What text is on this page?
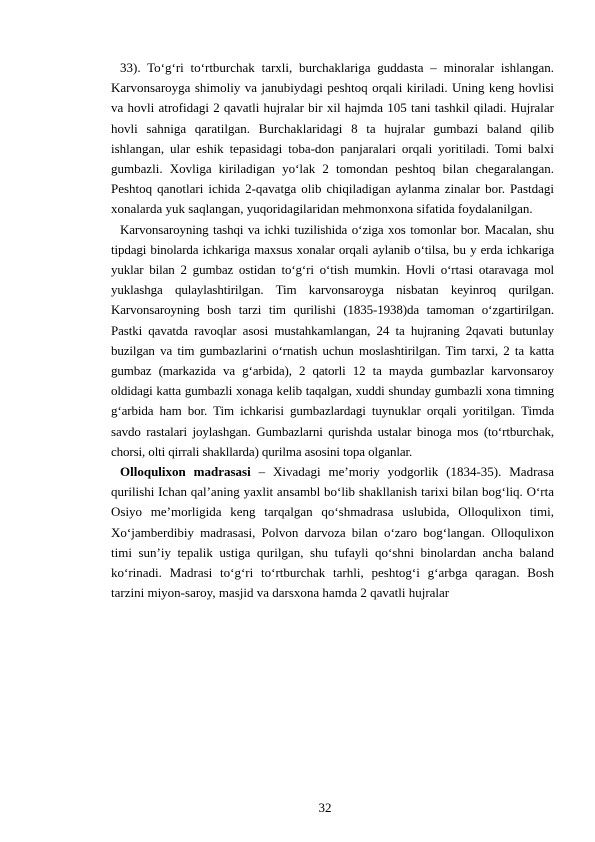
33). To‘g‘ri to‘rtburchak tarxli, burchaklariga guddasta – minoralar ishlangan. Karvonsaroyga shimoliy va janubiydagi peshtoq orqali kiriladi. Uning keng hovlisi va hovli atrofidagi 2 qavatli hujralar bir xil hajmda 105 tani tashkil qiladi. Hujralar hovli sahniga qaratilgan. Burchaklaridagi 8 ta hujralar gumbazi baland qilib ishlangan, ular eshik tepasidagi toba-don panjaralari orqali yoritiladi. Tomi balxi gumbazli. Xovliga kiriladigan yo‘lak 2 tomondan peshtoq bilan chegaralangan. Peshtoq qanotlari ichida 2-qavatga olib chiqiladigan aylanma zinalar bor. Pastdagi xonalarda yuk saqlangan, yuqoridagilaridan mehmonxona sifatida foydalanilgan.

Karvonsaroyning tashqi va ichki tuzilishida o‘ziga xos tomonlar bor. Macalan, shu tipdagi binolarda ichkariga maxsus xonalar orqali aylanib o‘tilsa, bu y erda ichkariga yuklar bilan 2 gumbaz ostidan to‘g‘ri o‘tish mumkin. Hovli o‘rtasi otaravaga mol yuklashga qulaylashtirilgan. Tim karvonsaroyga nisbatan keyinroq qurilgan. Karvonsaroyning bosh tarzi tim qurilishi (1835-1938)da tamoman o‘zgartirilgan. Pastki qavatda ravoqlar asosi mustahkamlangan, 24 ta hujraning 2qavati butunlay buzilgan va tim gumbazlarini o‘rnatish uchun moslashtirilgan. Tim tarxi, 2 ta katta gumbaz (markazida va g‘arbida), 2 qatorli 12 ta mayda gumbazlar karvonsaroy oldidagi katta gumbazli xonaga kelib taqalgan, xuddi shunday gumbazli xona timning g‘arbida ham bor. Tim ichkarisi gumbazlardagi tuynuklar orqali yoritilgan. Timda savdo rastalari joylashgan. Gumbazlarni qurishda ustalar binoga mos (to‘rtburchak, chorsi, olti qirrali shakllarda) qurilma asosini topa olganlar.

Olloqulixon madrasasi – Xivadagi me’moriy yodgorlik (1834-35). Madrasa qurilishi Ichan qal’aning yaxlit ansambl bo‘lib shakllanish tarixi bilan bog‘liq. O‘rta Osiyo me’morligida keng tarqalgan qo‘shmadrasa uslubida, Olloqulixon timi, Xo‘jamberdibiy madrasasi, Polvon darvoza bilan o‘zaro bog‘langan. Olloqulixon timi sun’iy tepalik ustiga qurilgan, shu tufayli qo‘shni binolardan ancha baland ko‘rinadi. Madrasi to‘g‘ri to‘rtburchak tarhli, peshtog‘i g‘arbga qaragan. Bosh tarzini miyon-saroy, masjid va darsxona hamda 2 qavatli hujralar

32
